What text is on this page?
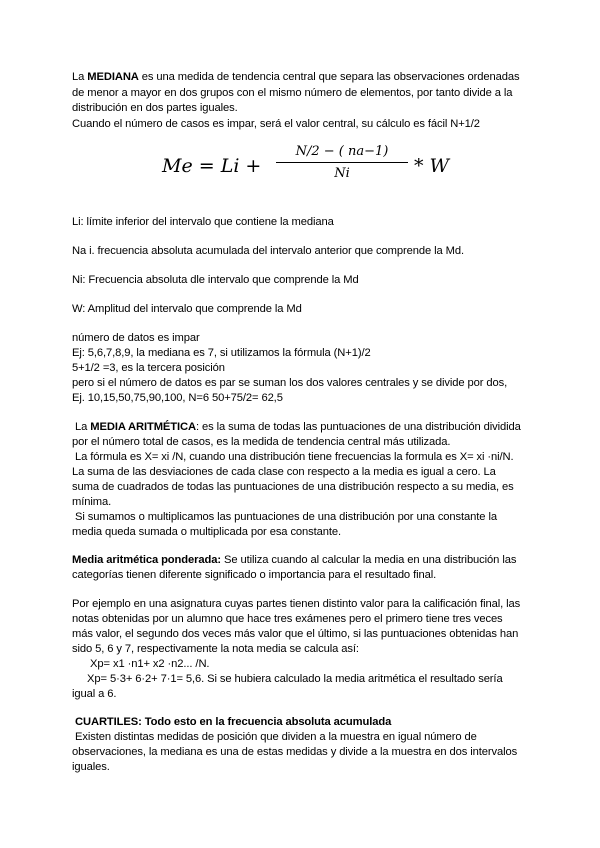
La MEDIANA es una medida de tendencia central que separa las observaciones ordenadas
de menor a mayor en dos grupos con el mismo número de elementos, por tanto divide a la
distribución en dos partes iguales.
Cuando el número de casos es impar, será el valor central, su cálculo es fácil N+1/2
Me = Li +
N/2 − ( na−1)
Ni	* W
Li: límite inferior del intervalo que contiene la mediana
Na i. frecuencia absoluta acumulada del intervalo anterior que comprende la Md.
Ni: Frecuencia absoluta dle intervalo que comprende la Md
W: Amplitud del intervalo que comprende la Md
número de datos es impar
Ej: 5,6,7,8,9, la mediana es 7, si utilizamos la fórmula (N+1)/2
5+1/2 =3, es la tercera posición
pero si el número de datos es par se suman los dos valores centrales y se divide por dos,
Ej. 10,15,50,75,90,100, N=6 50+75/2= 62,5
La MEDIA ARITMÉTICA: es la suma de todas las puntuaciones de una distribución dividida
por el número total de casos, es la medida de tendencia central más utilizada.
La fórmula es X= xi /N, cuando una distribución tiene frecuencias la formula es X= xi ·ni/N.
La suma de las desviaciones de cada clase con respecto a la media es igual a cero. La
suma de cuadrados de todas las puntuaciones de una distribución respecto a su media, es
mínima.
Si sumamos o multiplicamos las puntuaciones de una distribución por una constante la
media queda sumada o multiplicada por esa constante.
Media aritmética ponderada: Se utiliza cuando al calcular la media en una distribución las
categorías tienen diferente significado o importancia para el resultado final.
Por ejemplo en una asignatura cuyas partes tienen distinto valor para la calificación final, las
notas obtenidas por un alumno que hace tres exámenes pero el primero tiene tres veces
más valor, el segundo dos veces más valor que el último, si las puntuaciones obtenidas han
sido 5, 6 y 7, respectivamente la nota media se calcula así:
Xp= x1 ·n1+ x2 ·n2... /N.
Xp= 5·3+ 6·2+ 7·1= 5,6. Si se hubiera calculado la media aritmética el resultado sería
igual a 6.
CUARTILES: Todo esto en la frecuencia absoluta acumulada
Existen distintas medidas de posición que dividen a la muestra en igual número de
observaciones, la mediana es una de estas medidas y divide a la muestra en dos intervalos
iguales.
